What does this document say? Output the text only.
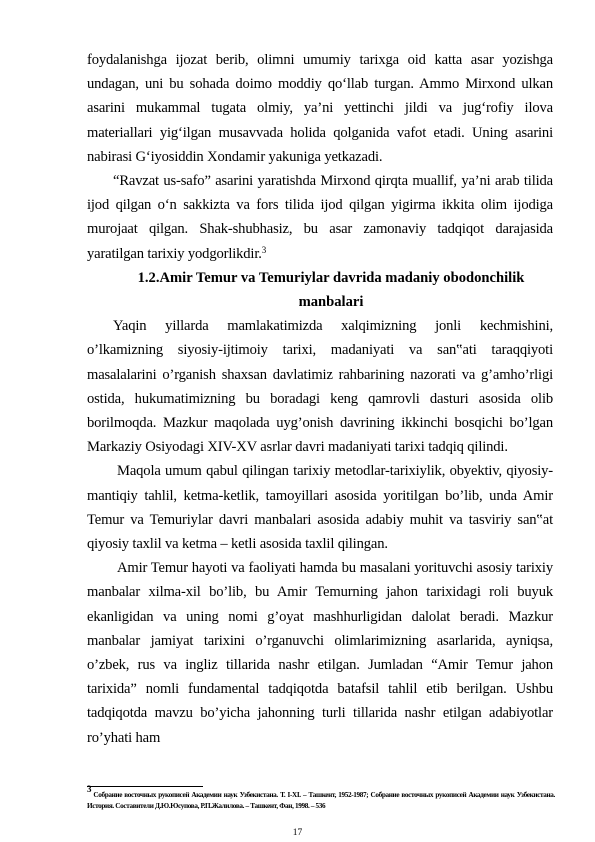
foydalanishga ijozat berib, olimni umumiy tarixga oid katta asar yozishga undagan, uni bu sohada doimo moddiy qo‘llab turgan. Ammo Mirxond ulkan asarini mukammal tugata olmiy, ya’ni yettinchi jildi va jug‘rofiy ilova materiallari yig‘ilgan musavvada holida qolganida vafot etadi. Uning asarini nabirasi G‘iyosiddin Xondamir yakuniga yetkazadi.

“Ravzat us-safo” asarini yaratishda Mirxond qirqta muallif, ya’ni arab tilida ijod qilgan o‘n sakkizta va fors tilida ijod qilgan yigirma ikkita olim ijodiga murojaat qilgan. Shak-shubhasiz, bu asar zamonaviy tadqiqot darajasida yaratilgan tarixiy yodgorlikdir.$^3$

1.2.Amir Temur va Temuriylar davrida madaniy obodonchilik manbalari

Yaqin yillarda mamlakatimizda xalqimizning jonli kechmishini, o’lkamizning siyosiy-ijtimoiy tarixi, madaniyati va san‟ati taraqqiyoti masalalarini o’rganish shaxsan davlatimiz rahbarining nazorati va g’amho’rligi ostida, hukumatimizning bu boradagi keng qamrovli dasturi asosida olib borilmoqda. Mazkur maqolada uyg’onish davrining ikkinchi bosqichi bo’lgan Markaziy Osiyodagi XIV-XV asrlar davri madaniyati tarixi tadqiq qilindi.

Maqola umum qabul qilingan tarixiy metodlar-tarixiylik, obyektiv, qiyosiy-mantiqiy tahlil, ketma-ketlik, tamoyillari asosida yoritilgan bo’lib, unda Amir Temur va Temuriylar davri manbalari asosida adabiy muhit va tasviriy san‟at qiyosiy taxlil va ketma – ketli asosida taxlil qilingan.

Amir Temur hayoti va faoliyati hamda bu masalani yorituvchi asosiy tarixiy manbalar xilma-xil bo’lib, bu Amir Temurning jahon tarixidagi roli buyuk ekanligidan va uning nomi g’oyat mashhurligidan dalolat beradi. Mazkur manbalar jamiyat tarixini o’rganuvchi olimlarimizning asarlarida, ayniqsa, o’zbek, rus va ingliz tillarida nashr etilgan. Jumladan “Amir Temur jahon tarixida” nomli fundamental tadqiqotda batafsil tahlil etib berilgan. Ushbu tadqiqotda mavzu bo’yicha jahonning turli tillarida nashr etilgan adabiyotlar ro’yhati ham

$^3$ Собрание восточных рукописей Академии наук Узбекистана. Т. I-XI. – Ташкент, 1952-1987; Собрание восточных рукописей Академии наук Узбекистана. История. Составители Д.Ю.Юсупова, Р.П.Жалилова. – Ташкент, Фан, 1998. – 536
17
